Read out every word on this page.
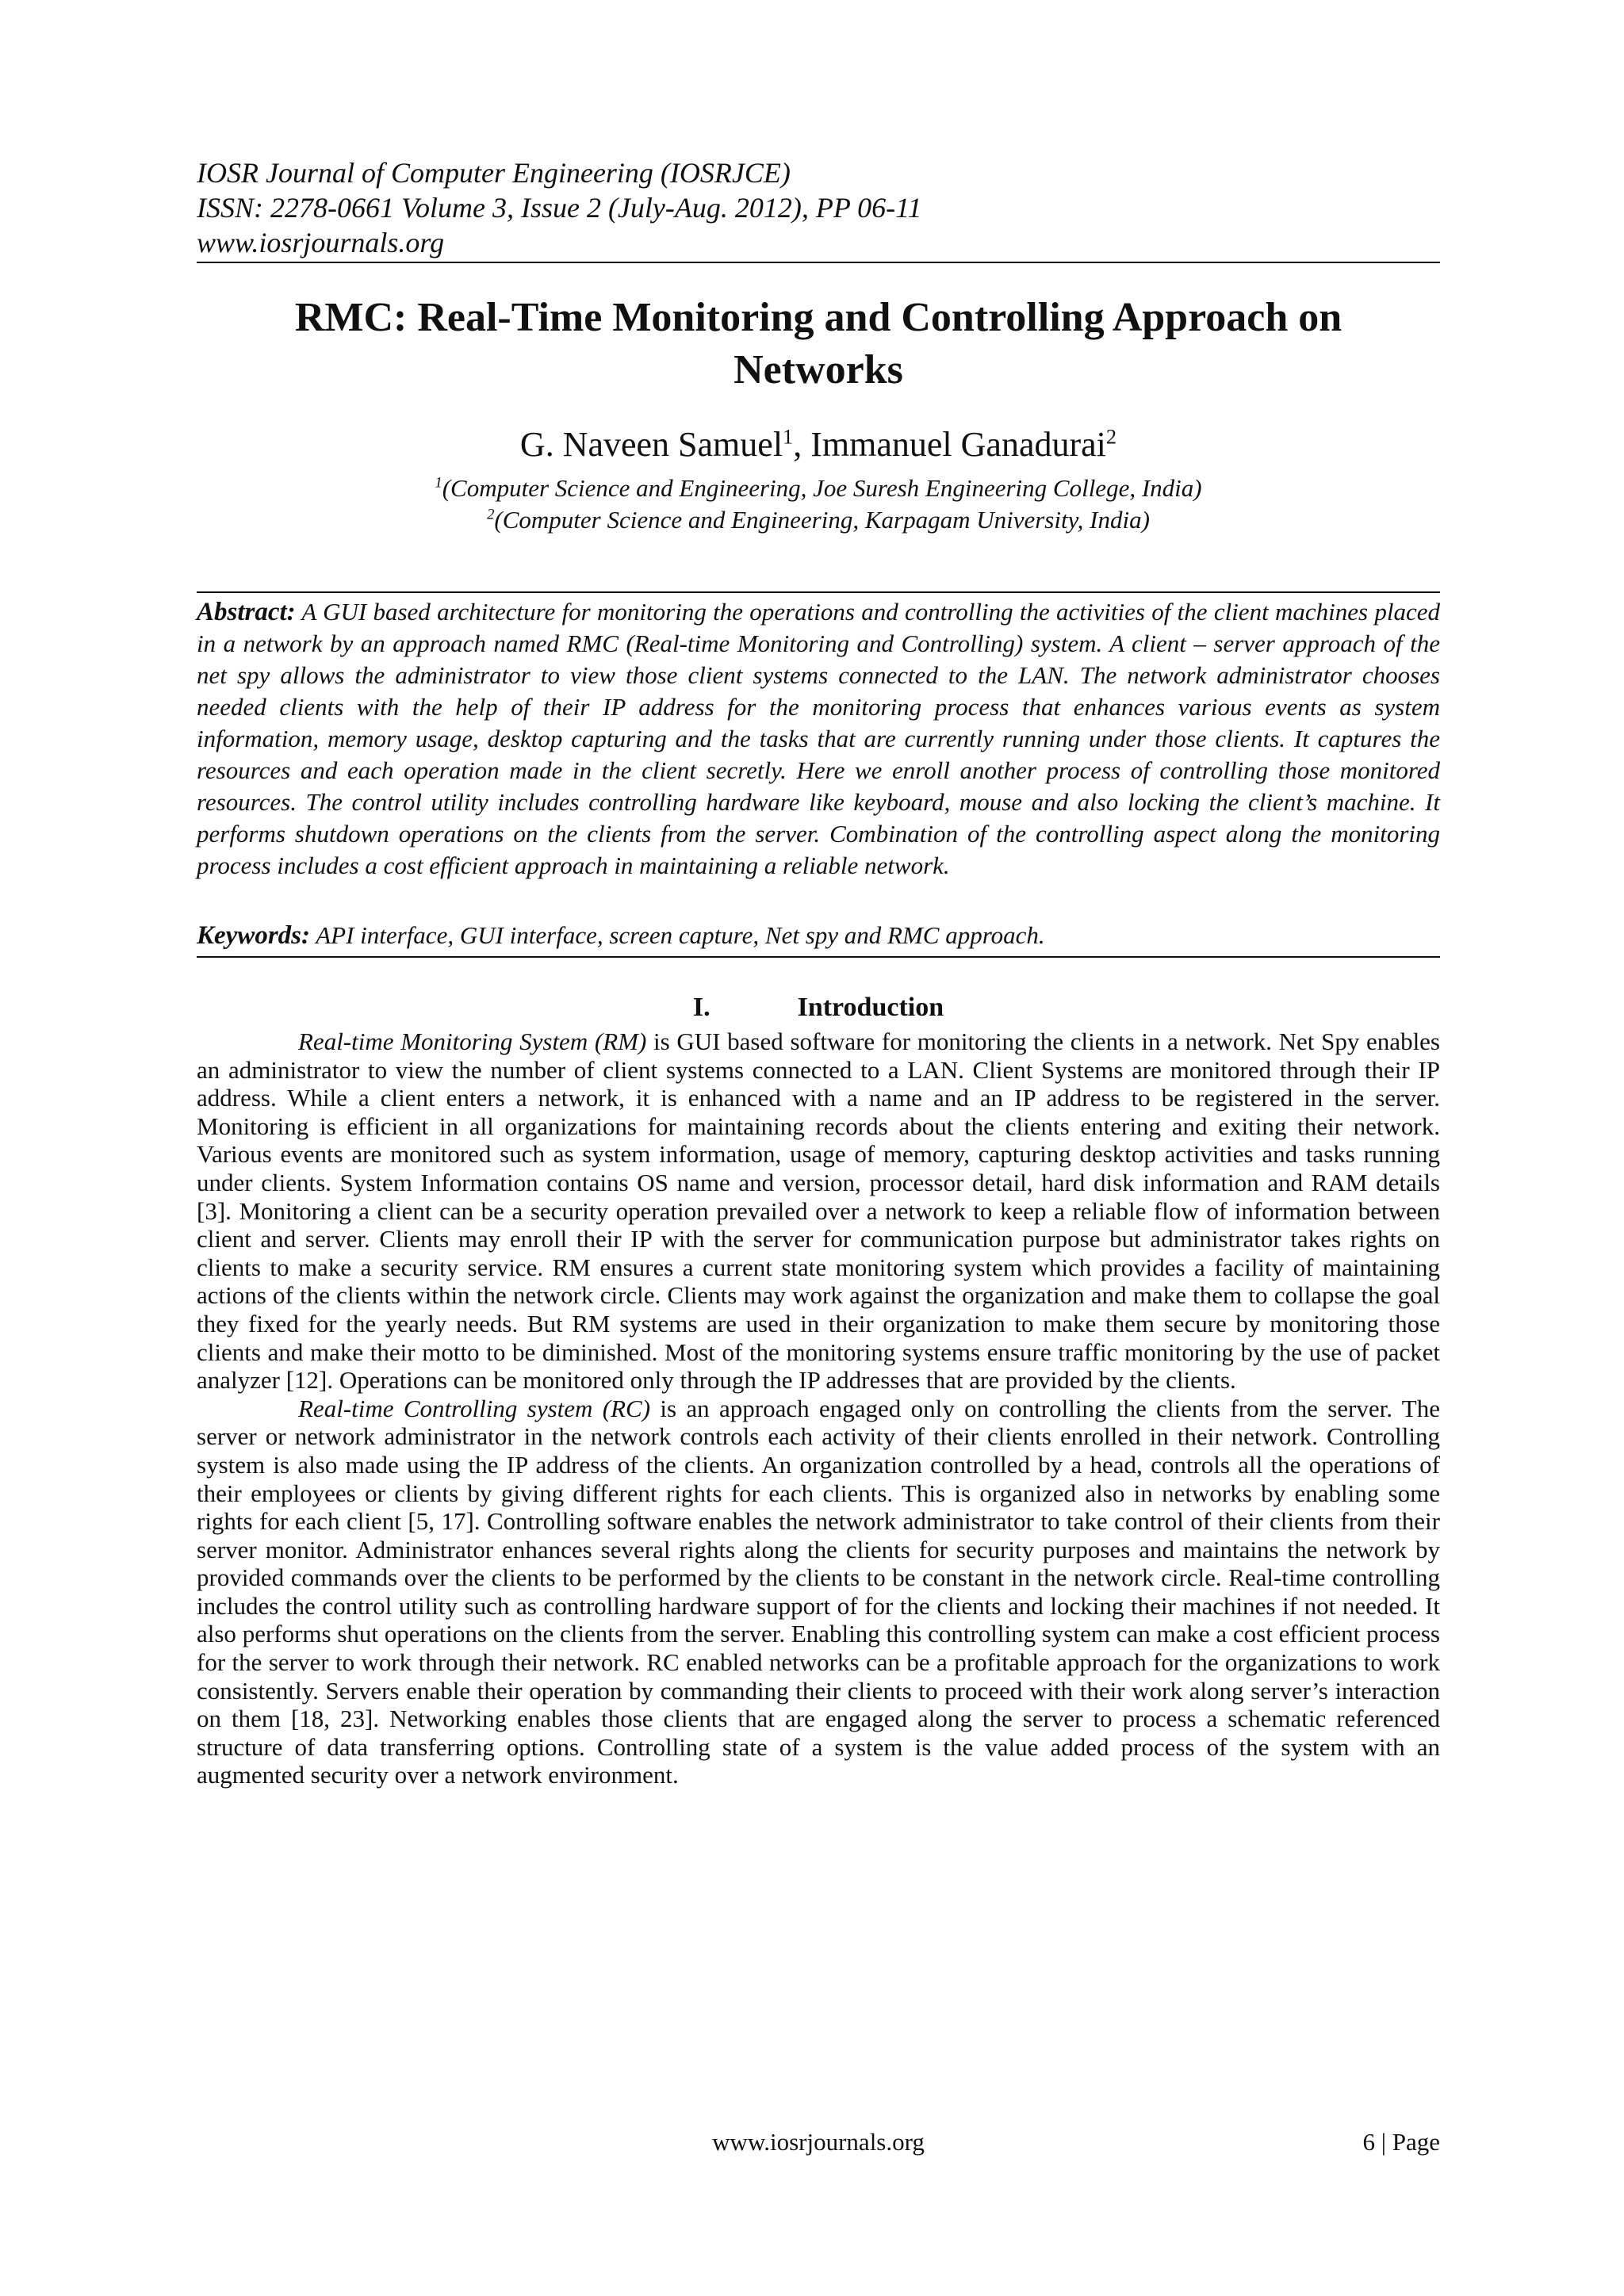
IOSR Journal of Computer Engineering (IOSRJCE)
ISSN: 2278-0661 Volume 3, Issue 2 (July-Aug. 2012), PP 06-11
www.iosrjournals.org
RMC: Real-Time Monitoring and Controlling Approach on
Networks
G. Naveen Samuel$^1$, Immanuel Ganadurai$^2$
$^1$(Computer Science and Engineering, Joe Suresh Engineering College, India)
$^2$(Computer Science and Engineering, Karpagam University, India)
Abstract: A GUI based architecture for monitoring the operations and controlling the activities of the client machines placed in a network by an approach named RMC (Real-time Monitoring and Controlling) system. A client – server approach of the net spy allows the administrator to view those client systems connected to the LAN. The network administrator chooses needed clients with the help of their IP address for the monitoring process that enhances various events as system information, memory usage, desktop capturing and the tasks that are currently running under those clients. It captures the resources and each operation made in the client secretly. Here we enroll another process of controlling those monitored resources. The control utility includes controlling hardware like keyboard, mouse and also locking the client’s machine. It performs shutdown operations on the clients from the server. Combination of the controlling aspect along the monitoring process includes a cost efficient approach in maintaining a reliable network.
Keywords: API interface, GUI interface, screen capture, Net spy and RMC approach.
I.	Introduction

Real-time Monitoring System (RM) is GUI based software for monitoring the clients in a network. Net Spy enables an administrator to view the number of client systems connected to a LAN. Client Systems are monitored through their IP address. While a client enters a network, it is enhanced with a name and an IP address to be registered in the server. Monitoring is efficient in all organizations for maintaining records about the clients entering and exiting their network. Various events are monitored such as system information, usage of memory, capturing desktop activities and tasks running under clients. System Information contains OS name and version, processor detail, hard disk information and RAM details [3]. Monitoring a client can be a security operation prevailed over a network to keep a reliable flow of information between client and server. Clients may enroll their IP with the server for communication purpose but administrator takes rights on clients to make a security service. RM ensures a current state monitoring system which provides a facility of maintaining actions of the clients within the network circle. Clients may work against the organization and make them to collapse the goal they fixed for the yearly needs. But RM systems are used in their organization to make them secure by monitoring those clients and make their motto to be diminished. Most of the monitoring systems ensure traffic monitoring by the use of packet analyzer [12]. Operations can be monitored only through the IP addresses that are provided by the clients.

Real-time Controlling system (RC) is an approach engaged only on controlling the clients from the server. The server or network administrator in the network controls each activity of their clients enrolled in their network. Controlling system is also made using the IP address of the clients. An organization controlled by a head, controls all the operations of their employees or clients by giving different rights for each clients. This is organized also in networks by enabling some rights for each client [5, 17]. Controlling software enables the network administrator to take control of their clients from their server monitor. Administrator enhances several rights along the clients for security purposes and maintains the network by provided commands over the clients to be performed by the clients to be constant in the network circle. Real-time controlling includes the control utility such as controlling hardware support of for the clients and locking their machines if not needed. It also performs shut operations on the clients from the server. Enabling this controlling system can make a cost efficient process for the server to work through their network. RC enabled networks can be a profitable approach for the organizations to work consistently. Servers enable their operation by commanding their clients to proceed with their work along server’s interaction on them [18, 23]. Networking enables those clients that are engaged along the server to process a schematic referenced structure of data transferring options. Controlling state of a system is the value added process of the system with an augmented security over a network environment.

www.iosrjournals.org	6 | Page
